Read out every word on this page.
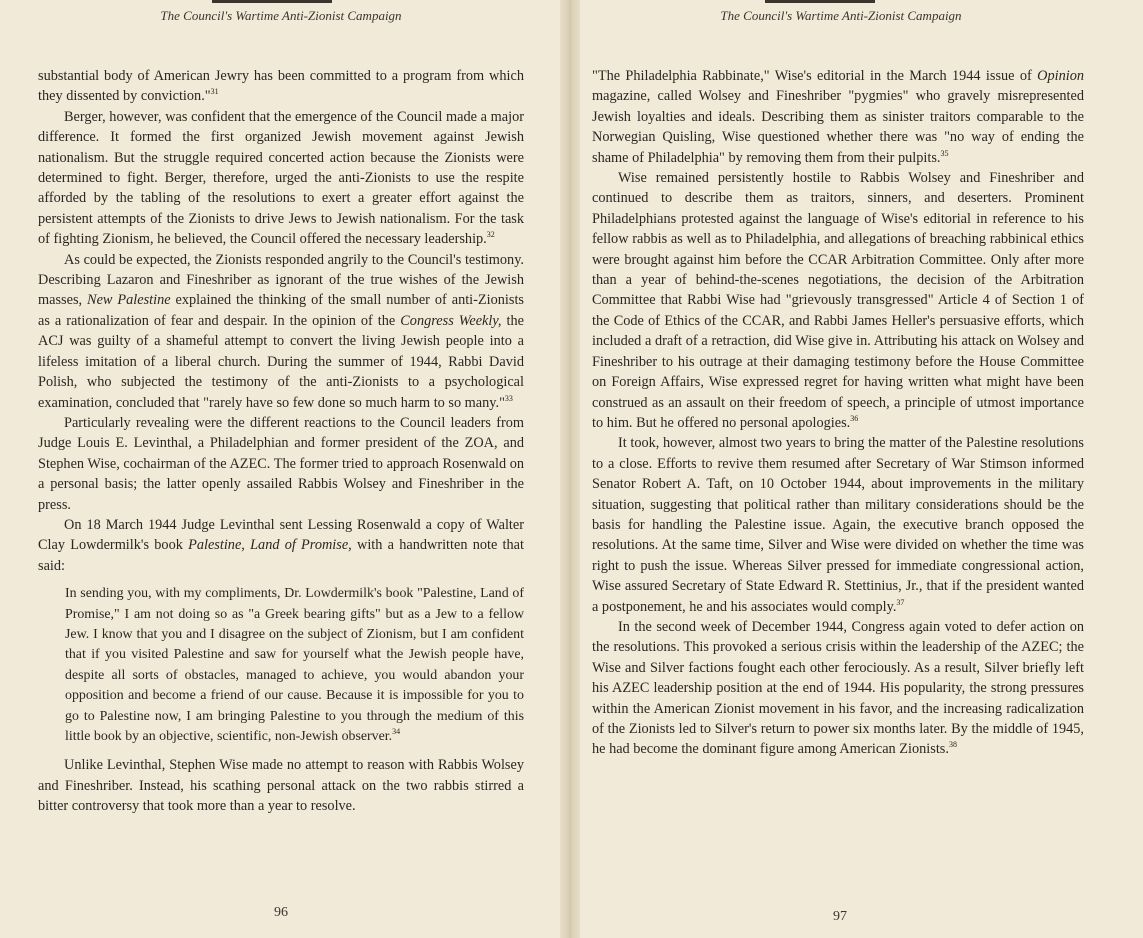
The Council's Wartime Anti-Zionist Campaign

substantial body of American Jewry has been committed to a program from which they dissented by conviction."$^{31}$

Berger, however, was confident that the emergence of the Council made a major difference. It formed the first organized Jewish movement against Jewish nationalism. But the struggle required concerted action because the Zionists were determined to fight. Berger, therefore, urged the anti-Zionists to use the respite afforded by the tabling of the resolutions to exert a greater effort against the persistent attempts of the Zionists to drive Jews to Jewish nationalism. For the task of fighting Zionism, he believed, the Council offered the necessary leadership.$^{32}$

As could be expected, the Zionists responded angrily to the Council's testimony. Describing Lazaron and Fineshriber as ignorant of the true wishes of the Jewish masses, New Palestine explained the thinking of the small number of anti-Zionists as a rationalization of fear and despair. In the opinion of the Congress Weekly, the ACJ was guilty of a shameful attempt to convert the living Jewish people into a lifeless imitation of a liberal church. During the summer of 1944, Rabbi David Polish, who subjected the testimony of the anti-Zionists to a psychological examination, concluded that "rarely have so few done so much harm to so many."$^{33}$

Particularly revealing were the different reactions to the Council leaders from Judge Louis E. Levinthal, a Philadelphian and former president of the ZOA, and Stephen Wise, cochairman of the AZEC. The former tried to approach Rosenwald on a personal basis; the latter openly assailed Rabbis Wolsey and Fineshriber in the press.

On 18 March 1944 Judge Levinthal sent Lessing Rosenwald a copy of Walter Clay Lowdermilk's book Palestine, Land of Promise, with a handwritten note that said:

In sending you, with my compliments, Dr. Lowdermilk's book "Palestine, Land of Promise," I am not doing so as "a Greek bearing gifts" but as a Jew to a fellow Jew. I know that you and I disagree on the subject of Zionism, but I am confident that if you visited Palestine and saw for yourself what the Jewish people have, despite all sorts of obstacles, managed to achieve, you would abandon your opposition and become a friend of our cause. Because it is impossible for you to go to Palestine now, I am bringing Palestine to you through the medium of this little book by an objective, scientific, non-Jewish observer.$^{34}$

Unlike Levinthal, Stephen Wise made no attempt to reason with Rabbis Wolsey and Fineshriber. Instead, his scathing personal attack on the two rabbis stirred a bitter controversy that took more than a year to resolve.

96
The Council's Wartime Anti-Zionist Campaign

"The Philadelphia Rabbinate," Wise's editorial in the March 1944 issue of Opinion magazine, called Wolsey and Fineshriber "pygmies" who gravely misrepresented Jewish loyalties and ideals. Describing them as sinister traitors comparable to the Norwegian Quisling, Wise questioned whether there was "no way of ending the shame of Philadelphia" by removing them from their pulpits.$^{35}$

Wise remained persistently hostile to Rabbis Wolsey and Fineshriber and continued to describe them as traitors, sinners, and deserters. Prominent Philadelphians protested against the language of Wise's editorial in reference to his fellow rabbis as well as to Philadelphia, and allegations of breaching rabbinical ethics were brought against him before the CCAR Arbitration Committee. Only after more than a year of behind-the-scenes negotiations, the decision of the Arbitration Committee that Rabbi Wise had "grievously transgressed" Article 4 of Section 1 of the Code of Ethics of the CCAR, and Rabbi James Heller's persuasive efforts, which included a draft of a retraction, did Wise give in. Attributing his attack on Wolsey and Fineshriber to his outrage at their damaging testimony before the House Committee on Foreign Affairs, Wise expressed regret for having written what might have been construed as an assault on their freedom of speech, a principle of utmost importance to him. But he offered no personal apologies.$^{36}$

It took, however, almost two years to bring the matter of the Palestine resolutions to a close. Efforts to revive them resumed after Secretary of War Stimson informed Senator Robert A. Taft, on 10 October 1944, about improvements in the military situation, suggesting that political rather than military considerations should be the basis for handling the Palestine issue. Again, the executive branch opposed the resolutions. At the same time, Silver and Wise were divided on whether the time was right to push the issue. Whereas Silver pressed for immediate congressional action, Wise assured Secretary of State Edward R. Stettinius, Jr., that if the president wanted a postponement, he and his associates would comply.$^{37}$

In the second week of December 1944, Congress again voted to defer action on the resolutions. This provoked a serious crisis within the leadership of the AZEC; the Wise and Silver factions fought each other ferociously. As a result, Silver briefly left his AZEC leadership position at the end of 1944. His popularity, the strong pressures within the American Zionist movement in his favor, and the increasing radicalization of the Zionists led to Silver's return to power six months later. By the middle of 1945, he had become the dominant figure among American Zionists.$^{38}$

97
